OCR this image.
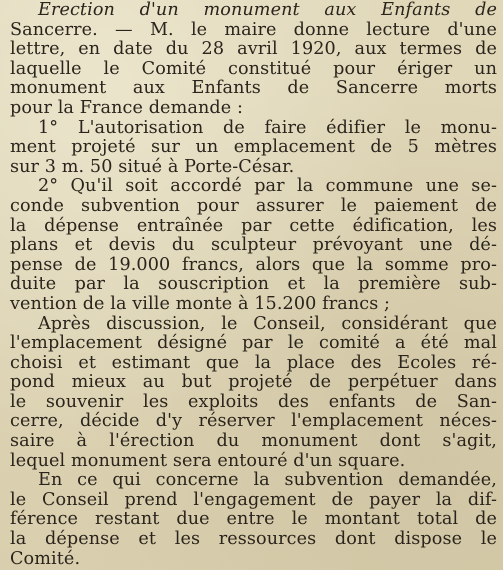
Erection d'un monument aux Enfants de
Sancerre. — M. le maire donne lecture d'une
lettre, en date du 28 avril 1920, aux termes de
laquelle le Comité constitué pour ériger un
monument aux Enfants de Sancerre morts
pour la France demande :
1° L'autorisation de faire édifier le monu-
ment projeté sur un emplacement de 5 mètres
sur 3 m. 50 situé à Porte-César.
2° Qu'il soit accordé par la commune une se-
conde subvention pour assurer le paiement de
la dépense entraînée par cette édification, les
plans et devis du sculpteur prévoyant une dé-
pense de 19.000 francs, alors que la somme pro-
duite par la souscription et la première sub-
vention de la ville monte à 15.200 francs ;
Après discussion, le Conseil, considérant que
l'emplacement désigné par le comité a été mal
choisi et estimant que la place des Ecoles ré-
pond mieux au but projeté de perpétuer dans
le souvenir les exploits des enfants de San-
cerre, décide d'y réserver l'emplacement néces-
saire à l'érection du monument dont s'agit,
lequel monument sera entouré d'un square.
En ce qui concerne la subvention demandée,
le Conseil prend l'engagement de payer la dif-
férence restant due entre le montant total de
la dépense et les ressources dont dispose le
Comité.
